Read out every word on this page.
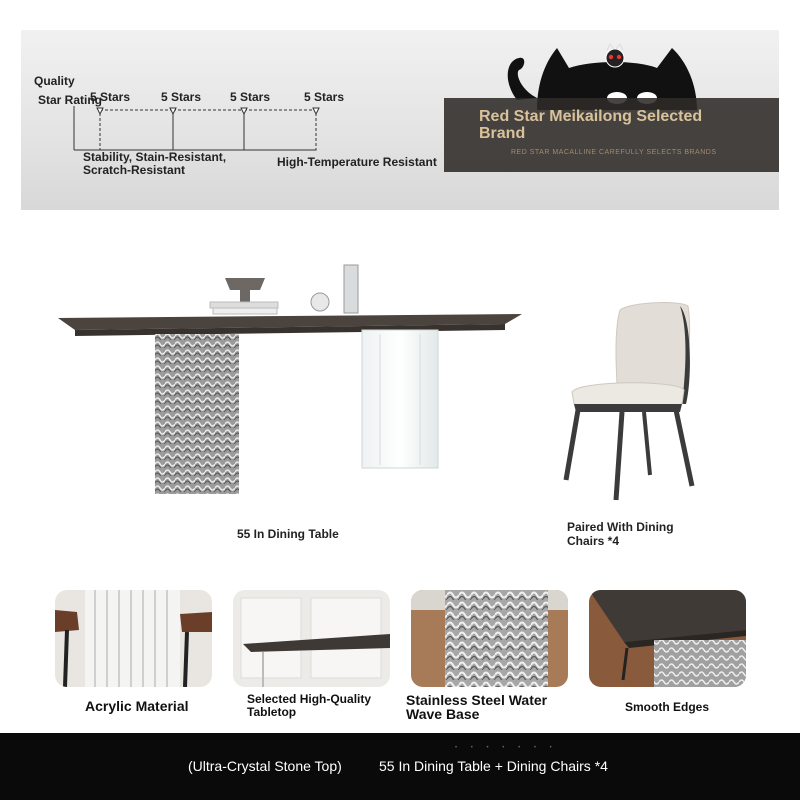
Quality
Star Rating
5 Stars	5 Stars 5 Stars	5 Stars
Stability, Stain-Resistant,
Scratch-Resistant
High-Temperature Resistant
Red Star Meikailong Selected Brand
RED STAR MACALLINE CAREFULLY SELECTS BRANDS
55 In Dining Table	Paired With Dining
Chairs *4
Acrylic Material	Selected High-Quality
Tabletop
Stainless Steel Water
Wave Base	Smooth Edges
• • • • • • •
(Ultra-Crystal Stone Top)	55 In Dining Table + Dining Chairs *4
